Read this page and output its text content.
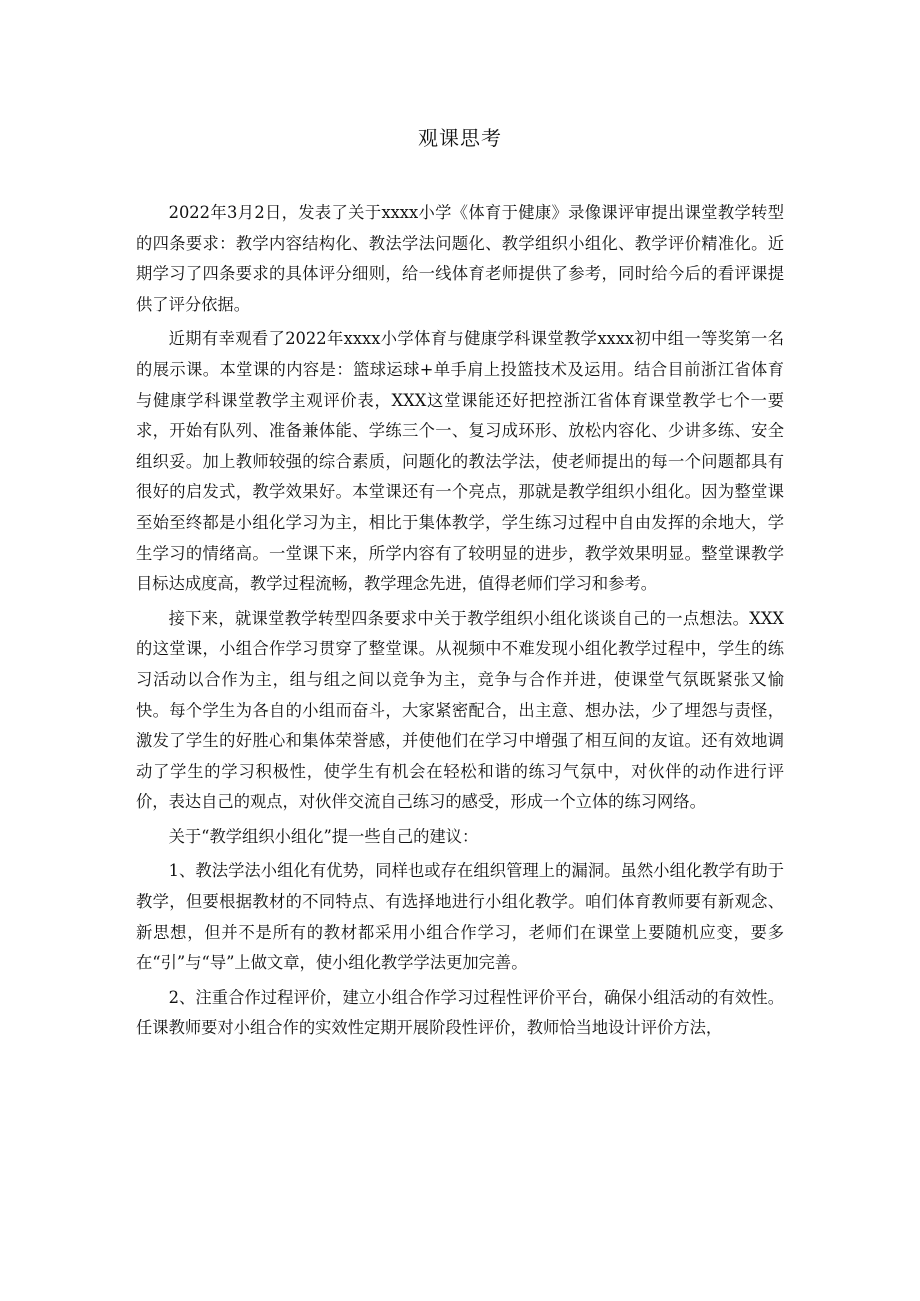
观课思考

2022年3月2日，发表了关于xxxx小学《体育于健康》录像课评审提出课堂教学转型的四条要求：教学内容结构化、教法学法问题化、教学组织小组化、教学评价精准化。近期学习了四条要求的具体评分细则，给一线体育老师提供了参考，同时给今后的看评课提供了评分依据。

近期有幸观看了2022年xxxx小学体育与健康学科课堂教学xxxx初中组一等奖第一名的展示课。本堂课的内容是：篮球运球+单手肩上投篮技术及运用。结合目前浙江省体育与健康学科课堂教学主观评价表，XXX这堂课能还好把控浙江省体育课堂教学七个一要求，开始有队列、准备兼体能、学练三个一、复习成环形、放松内容化、少讲多练、安全组织妥。加上教师较强的综合素质，问题化的教法学法，使老师提出的每一个问题都具有很好的启发式，教学效果好。本堂课还有一个亮点，那就是教学组织小组化。因为整堂课至始至终都是小组化学习为主，相比于集体教学，学生练习过程中自由发挥的余地大，学生学习的情绪高。一堂课下来，所学内容有了较明显的进步，教学效果明显。整堂课教学目标达成度高，教学过程流畅，教学理念先进，值得老师们学习和参考。

接下来，就课堂教学转型四条要求中关于教学组织小组化谈谈自己的一点想法。XXX的这堂课，小组合作学习贯穿了整堂课。从视频中不难发现小组化教学过程中，学生的练习活动以合作为主，组与组之间以竞争为主，竞争与合作并进，使课堂气氛既紧张又愉快。每个学生为各自的小组而奋斗，大家紧密配合，出主意、想办法，少了埋怨与责怪，激发了学生的好胜心和集体荣誉感，并使他们在学习中增强了相互间的友谊。还有效地调动了学生的学习积极性，使学生有机会在轻松和谐的练习气氛中，对伙伴的动作进行评价，表达自己的观点，对伙伴交流自己练习的感受，形成一个立体的练习网络。

关于“教学组织小组化”提一些自己的建议：

1、教法学法小组化有优势，同样也或存在组织管理上的漏洞。虽然小组化教学有助于教学，但要根据教材的不同特点、有选择地进行小组化教学。咱们体育教师要有新观念、新思想，但并不是所有的教材都采用小组合作学习，老师们在课堂上要随机应变，要多在“引”与“导”上做文章，使小组化教学学法更加完善。

2、注重合作过程评价，建立小组合作学习过程性评价平台，确保小组活动的有效性。任课教师要对小组合作的实效性定期开展阶段性评价，教师恰当地设计评价方法，
